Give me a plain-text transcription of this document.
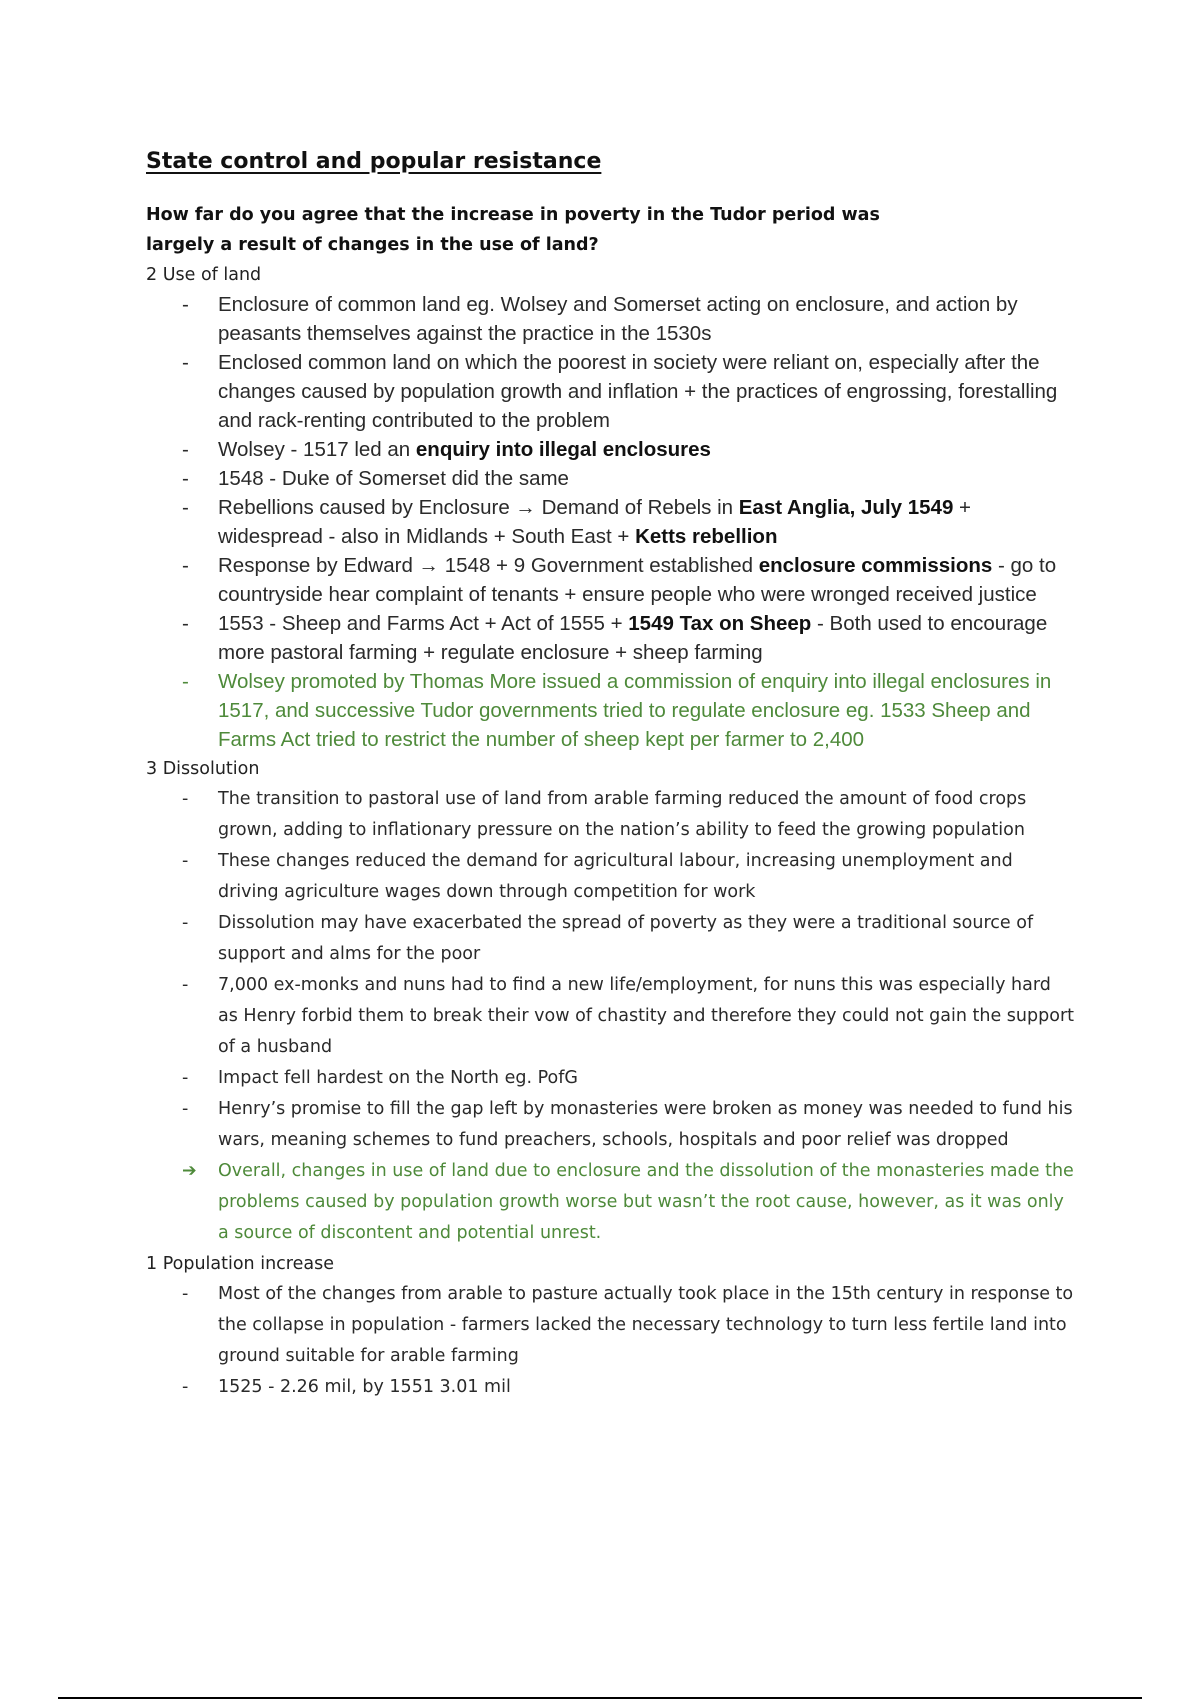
State control and popular resistance

How far do you agree that the increase in poverty in the Tudor period was largely a result of changes in the use of land?

2 Use of land

-	Enclosure of common land eg. Wolsey and Somerset acting on enclosure, and action by peasants themselves against the practice in the 1530s
-	Enclosed common land on which the poorest in society were reliant on, especially after the changes caused by population growth and inflation + the practices of engrossing, forestalling and rack-renting contributed to the problem
-	Wolsey - 1517 led an enquiry into illegal enclosures
-	1548 - Duke of Somerset did the same
-	Rebellions caused by Enclosure → Demand of Rebels in East Anglia, July 1549 + widespread - also in Midlands + South East + Ketts rebellion
-	Response by Edward → 1548 + 9 Government established enclosure commissions - go to countryside hear complaint of tenants + ensure people who were wronged received justice
-	1553 - Sheep and Farms Act + Act of 1555 + 1549 Tax on Sheep - Both used to encourage more pastoral farming + regulate enclosure + sheep farming
-	Wolsey promoted by Thomas More issued a commission of enquiry into illegal enclosures in 1517, and successive Tudor governments tried to regulate enclosure eg. 1533 Sheep and Farms Act tried to restrict the number of sheep kept per farmer to 2,400

3 Dissolution

-	The transition to pastoral use of land from arable farming reduced the amount of food crops grown, adding to inflationary pressure on the nation’s ability to feed the growing population
-	These changes reduced the demand for agricultural labour, increasing unemployment and driving agriculture wages down through competition for work
-	Dissolution may have exacerbated the spread of poverty as they were a traditional source of support and alms for the poor
-	7,000 ex-monks and nuns had to find a new life/employment, for nuns this was especially hard as Henry forbid them to break their vow of chastity and therefore they could not gain the support of a husband
-	Impact fell hardest on the North eg. PofG
-	Henry’s promise to fill the gap left by monasteries were broken as money was needed to fund his wars, meaning schemes to fund preachers, schools, hospitals and poor relief was dropped
➔	Overall, changes in use of land due to enclosure and the dissolution of the monasteries made the problems caused by population growth worse but wasn’t the root cause, however, as it was only a source of discontent and potential unrest.

1 Population increase

-	Most of the changes from arable to pasture actually took place in the 15th century in response to the collapse in population - farmers lacked the necessary technology to turn less fertile land into ground suitable for arable farming
-	1525 - 2.26 mil, by 1551 3.01 mil
